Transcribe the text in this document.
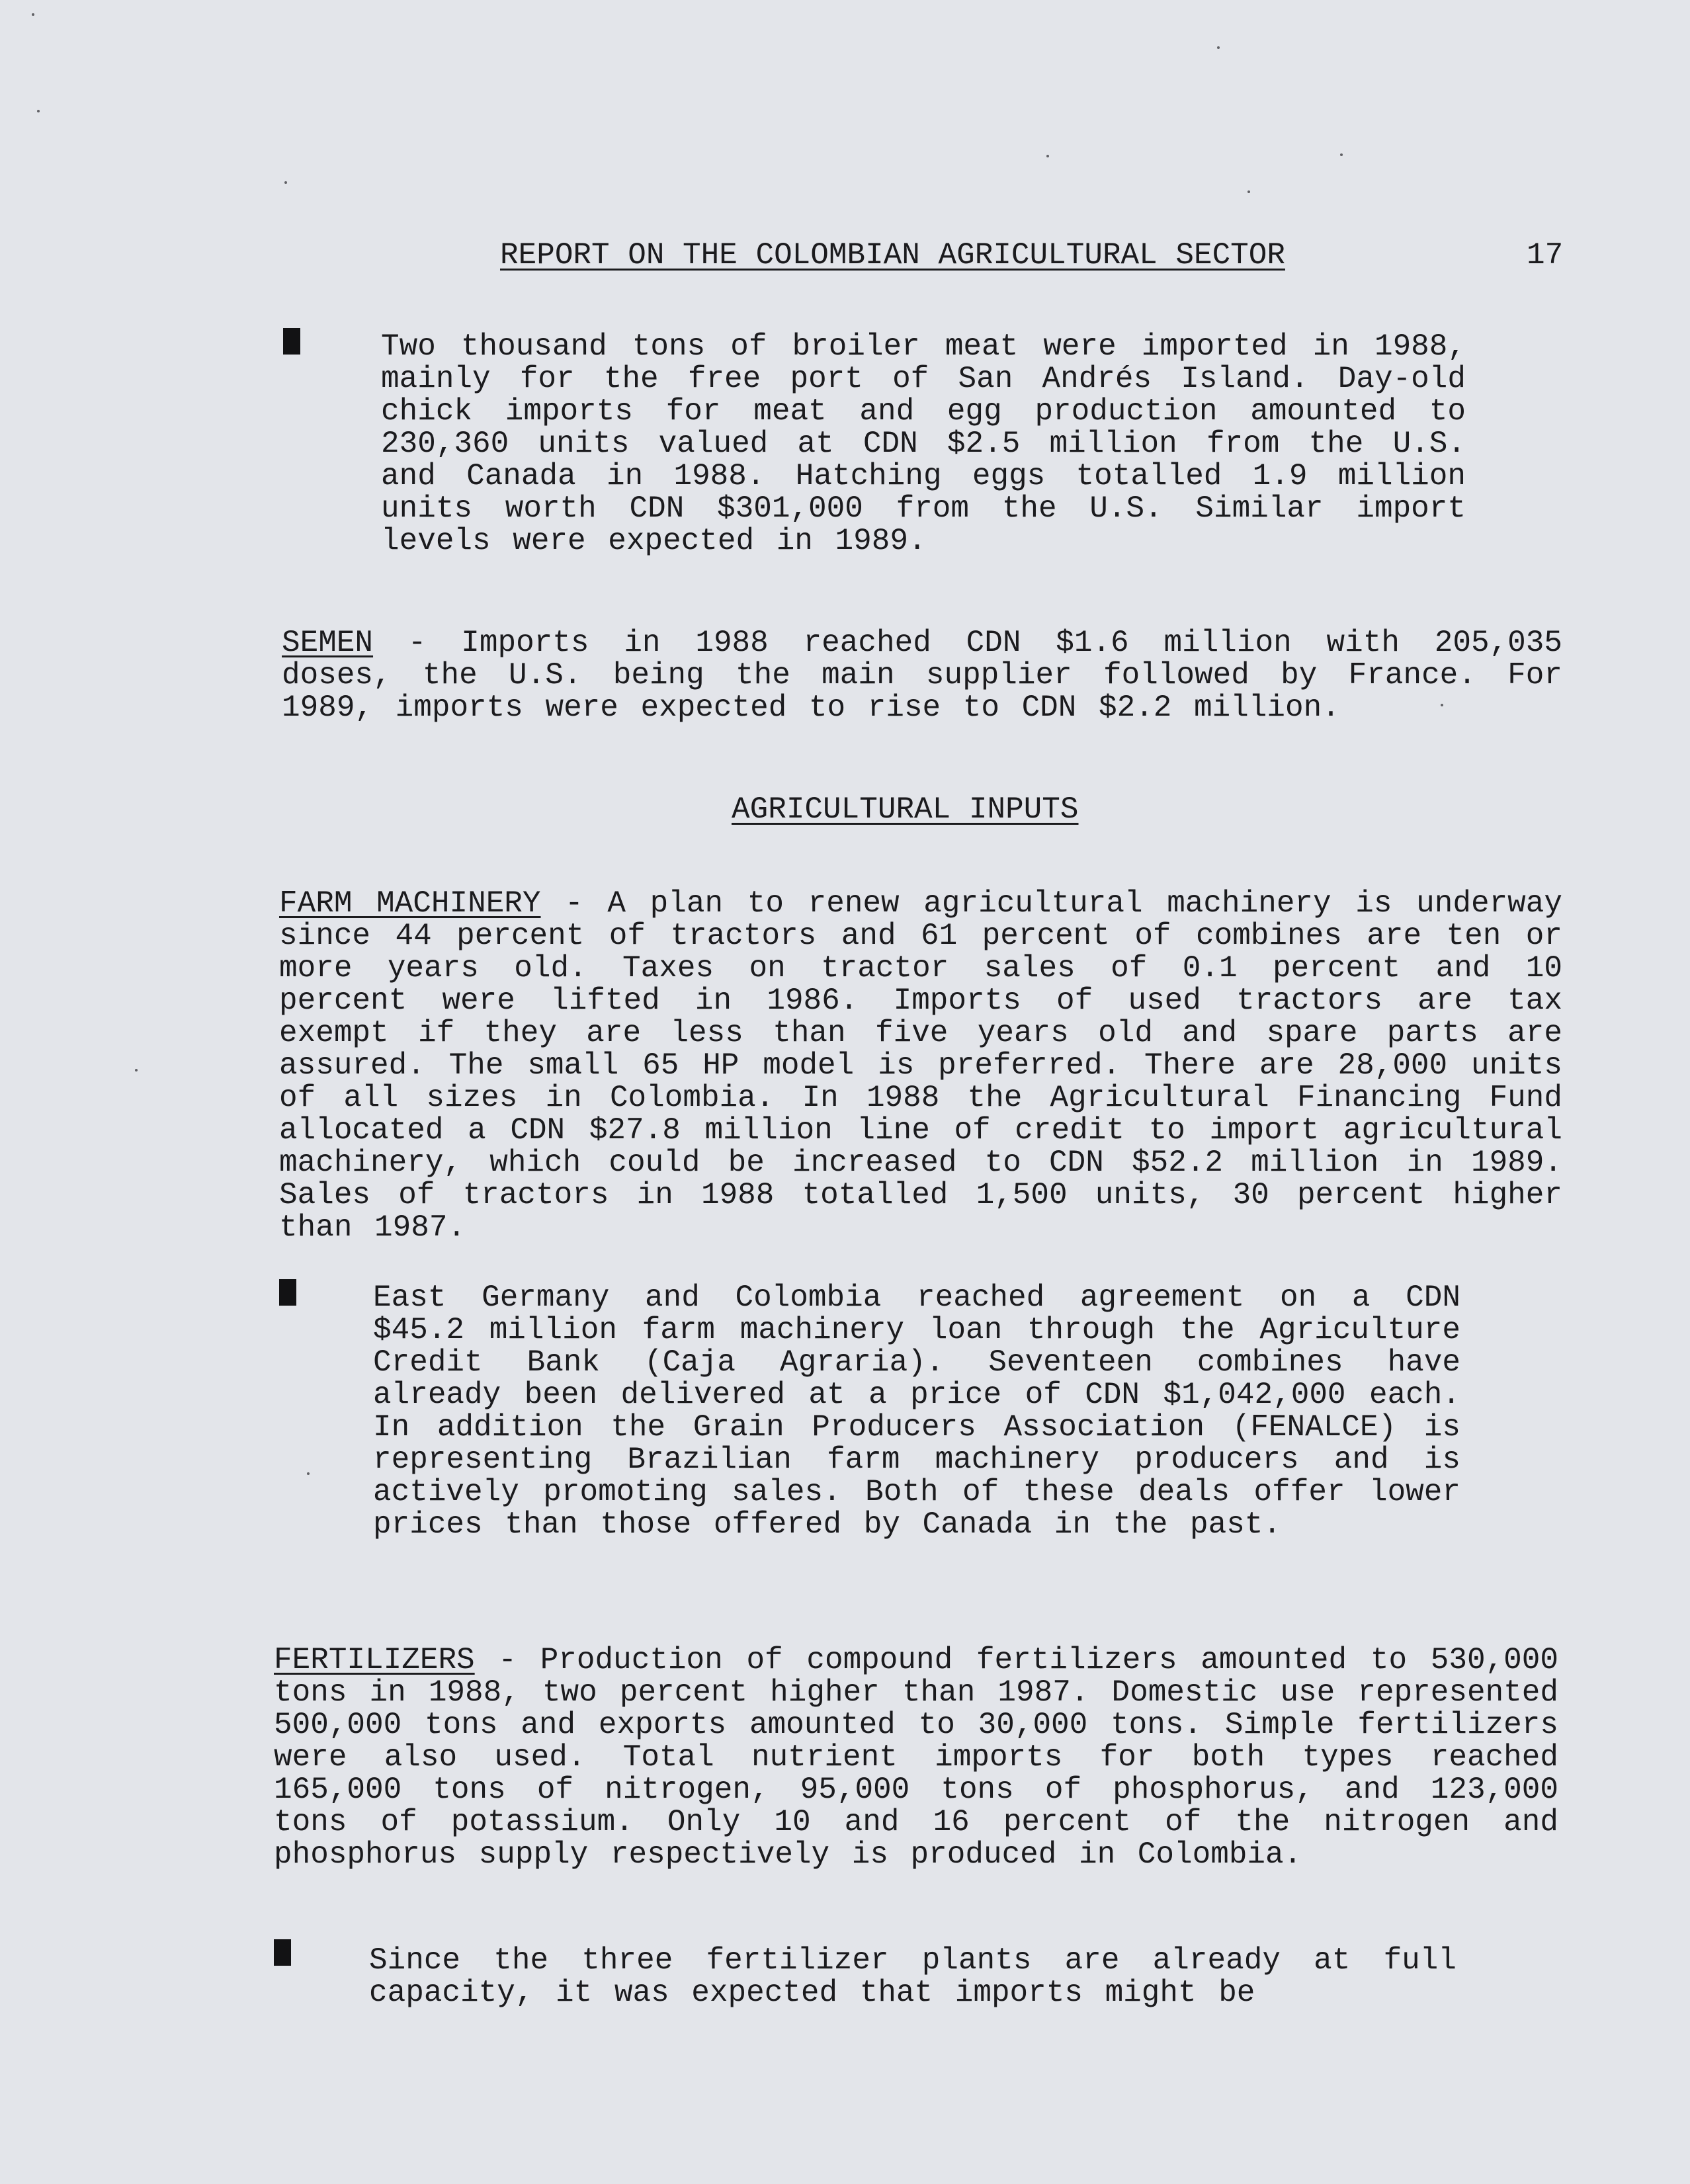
REPORT ON THE COLOMBIAN AGRICULTURAL SECTOR	17
Two thousand tons of broiler meat were imported in 1988, mainly for the free port of San Andrés Island. Day-old chick imports for meat and egg production amounted to 230,360 units valued at CDN $2.5 million from the U.S. and Canada in 1988. Hatching eggs totalled 1.9 million units worth CDN $301,000 from the U.S. Similar import levels were expected in 1989.
SEMEN - Imports in 1988 reached CDN $1.6 million with 205,035 doses, the U.S. being the main supplier followed by France. For 1989, imports were expected to rise to CDN $2.2 million.
AGRICULTURAL INPUTS
FARM MACHINERY - A plan to renew agricultural machinery is underway since 44 percent of tractors and 61 percent of combines are ten or more years old. Taxes on tractor sales of 0.1 percent and 10 percent were lifted in 1986. Imports of used tractors are tax exempt if they are less than five years old and spare parts are assured. The small 65 HP model is preferred. There are 28,000 units of all sizes in Colombia. In 1988 the Agricultural Financing Fund allocated a CDN $27.8 million line of credit to import agricultural machinery, which could be increased to CDN $52.2 million in 1989. Sales of tractors in 1988 totalled 1,500 units, 30 percent higher than 1987.
East Germany and Colombia reached agreement on a CDN $45.2 million farm machinery loan through the Agriculture Credit Bank (Caja Agraria). Seventeen combines have already been delivered at a price of CDN $1,042,000 each. In addition the Grain Producers Association (FENALCE) is representing Brazilian farm machinery producers and is actively promoting sales. Both of these deals offer lower prices than those offered by Canada in the past.
FERTILIZERS - Production of compound fertilizers amounted to 530,000 tons in 1988, two percent higher than 1987. Domestic use represented 500,000 tons and exports amounted to 30,000 tons. Simple fertilizers were also used. Total nutrient imports for both types reached 165,000 tons of nitrogen, 95,000 tons of phosphorus, and 123,000 tons of potassium. Only 10 and 16 percent of the nitrogen and phosphorus supply respectively is produced in Colombia.
Since the three fertilizer plants are already at full capacity, it was expected that imports might be
